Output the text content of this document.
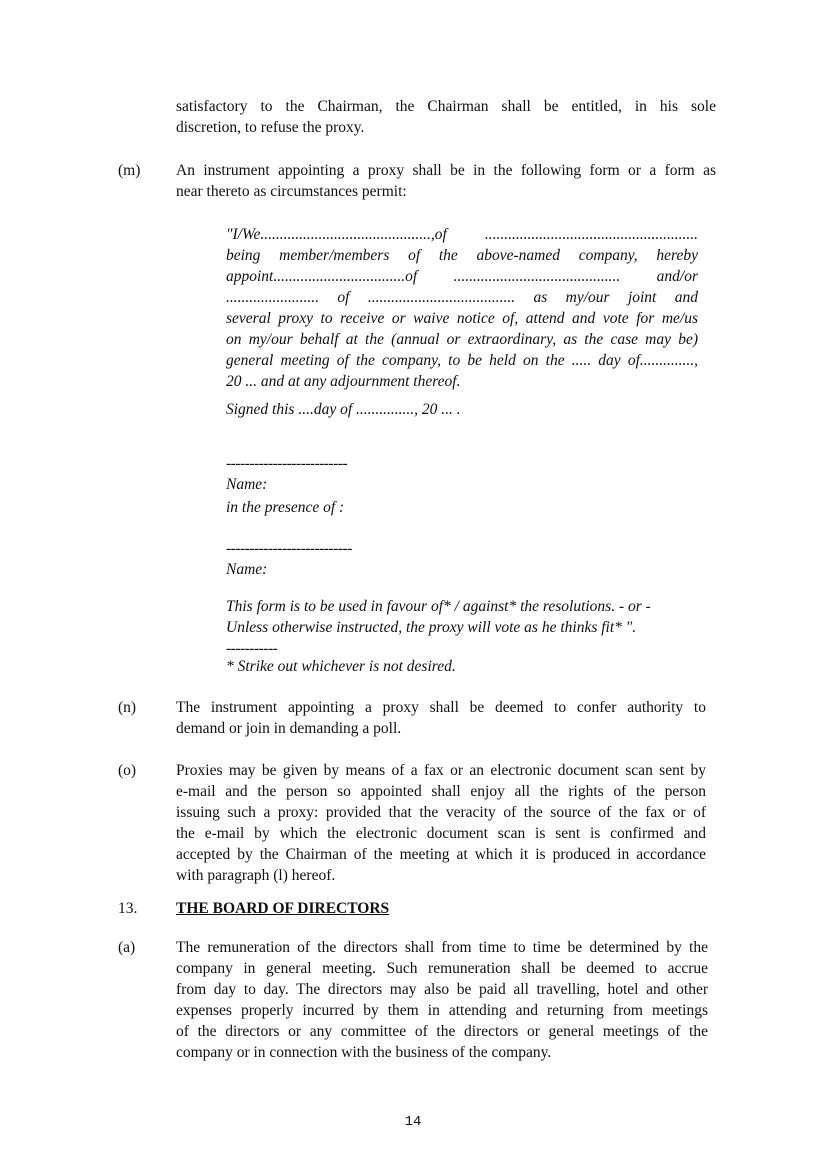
satisfactory to the Chairman, the Chairman shall be entitled, in his sole
discretion, to refuse the proxy.
(m) An instrument appointing a proxy shall be in the following form or a form as
near thereto as circumstances permit:
"I/We............................................,of .......................................................
being member/members of the above-named company, hereby
appoint..................................of ........................................... and/or
........................ of ...................................... as my/our joint and
several proxy to receive or waive notice of, attend and vote for me/us
on my/our behalf at the (annual or extraordinary, as the case may be)
general meeting of the company, to be held on the ..... day of..............,
20 ... and at any adjournment thereof.
Signed this ....day of ..............., 20 ... .
--------------------------
Name:
in the presence of :
---------------------------
Name:
This form is to be used in favour of* / against* the resolutions. - or -
Unless otherwise instructed, the proxy will vote as he thinks fit* ".
-----------
* Strike out whichever is not desired.
(n)	The instrument appointing a proxy shall be deemed to confer authority to
demand or join in demanding a poll.
(o)	Proxies may be given by means of a fax or an electronic document scan sent by
e-mail and the person so appointed shall enjoy all the rights of the person
issuing such a proxy: provided that the veracity of the source of the fax or of
the e-mail by which the electronic document scan is sent is confirmed and
accepted by the Chairman of the meeting at which it is produced in accordance
with paragraph (l) hereof.
13. THE BOARD OF DIRECTORS
(a)	The remuneration of the directors shall from time to time be determined by the
company in general meeting. Such remuneration shall be deemed to accrue
from day to day. The directors may also be paid all travelling, hotel and other
expenses properly incurred by them in attending and returning from meetings
of the directors or any committee of the directors or general meetings of the
company or in connection with the business of the company.
14
